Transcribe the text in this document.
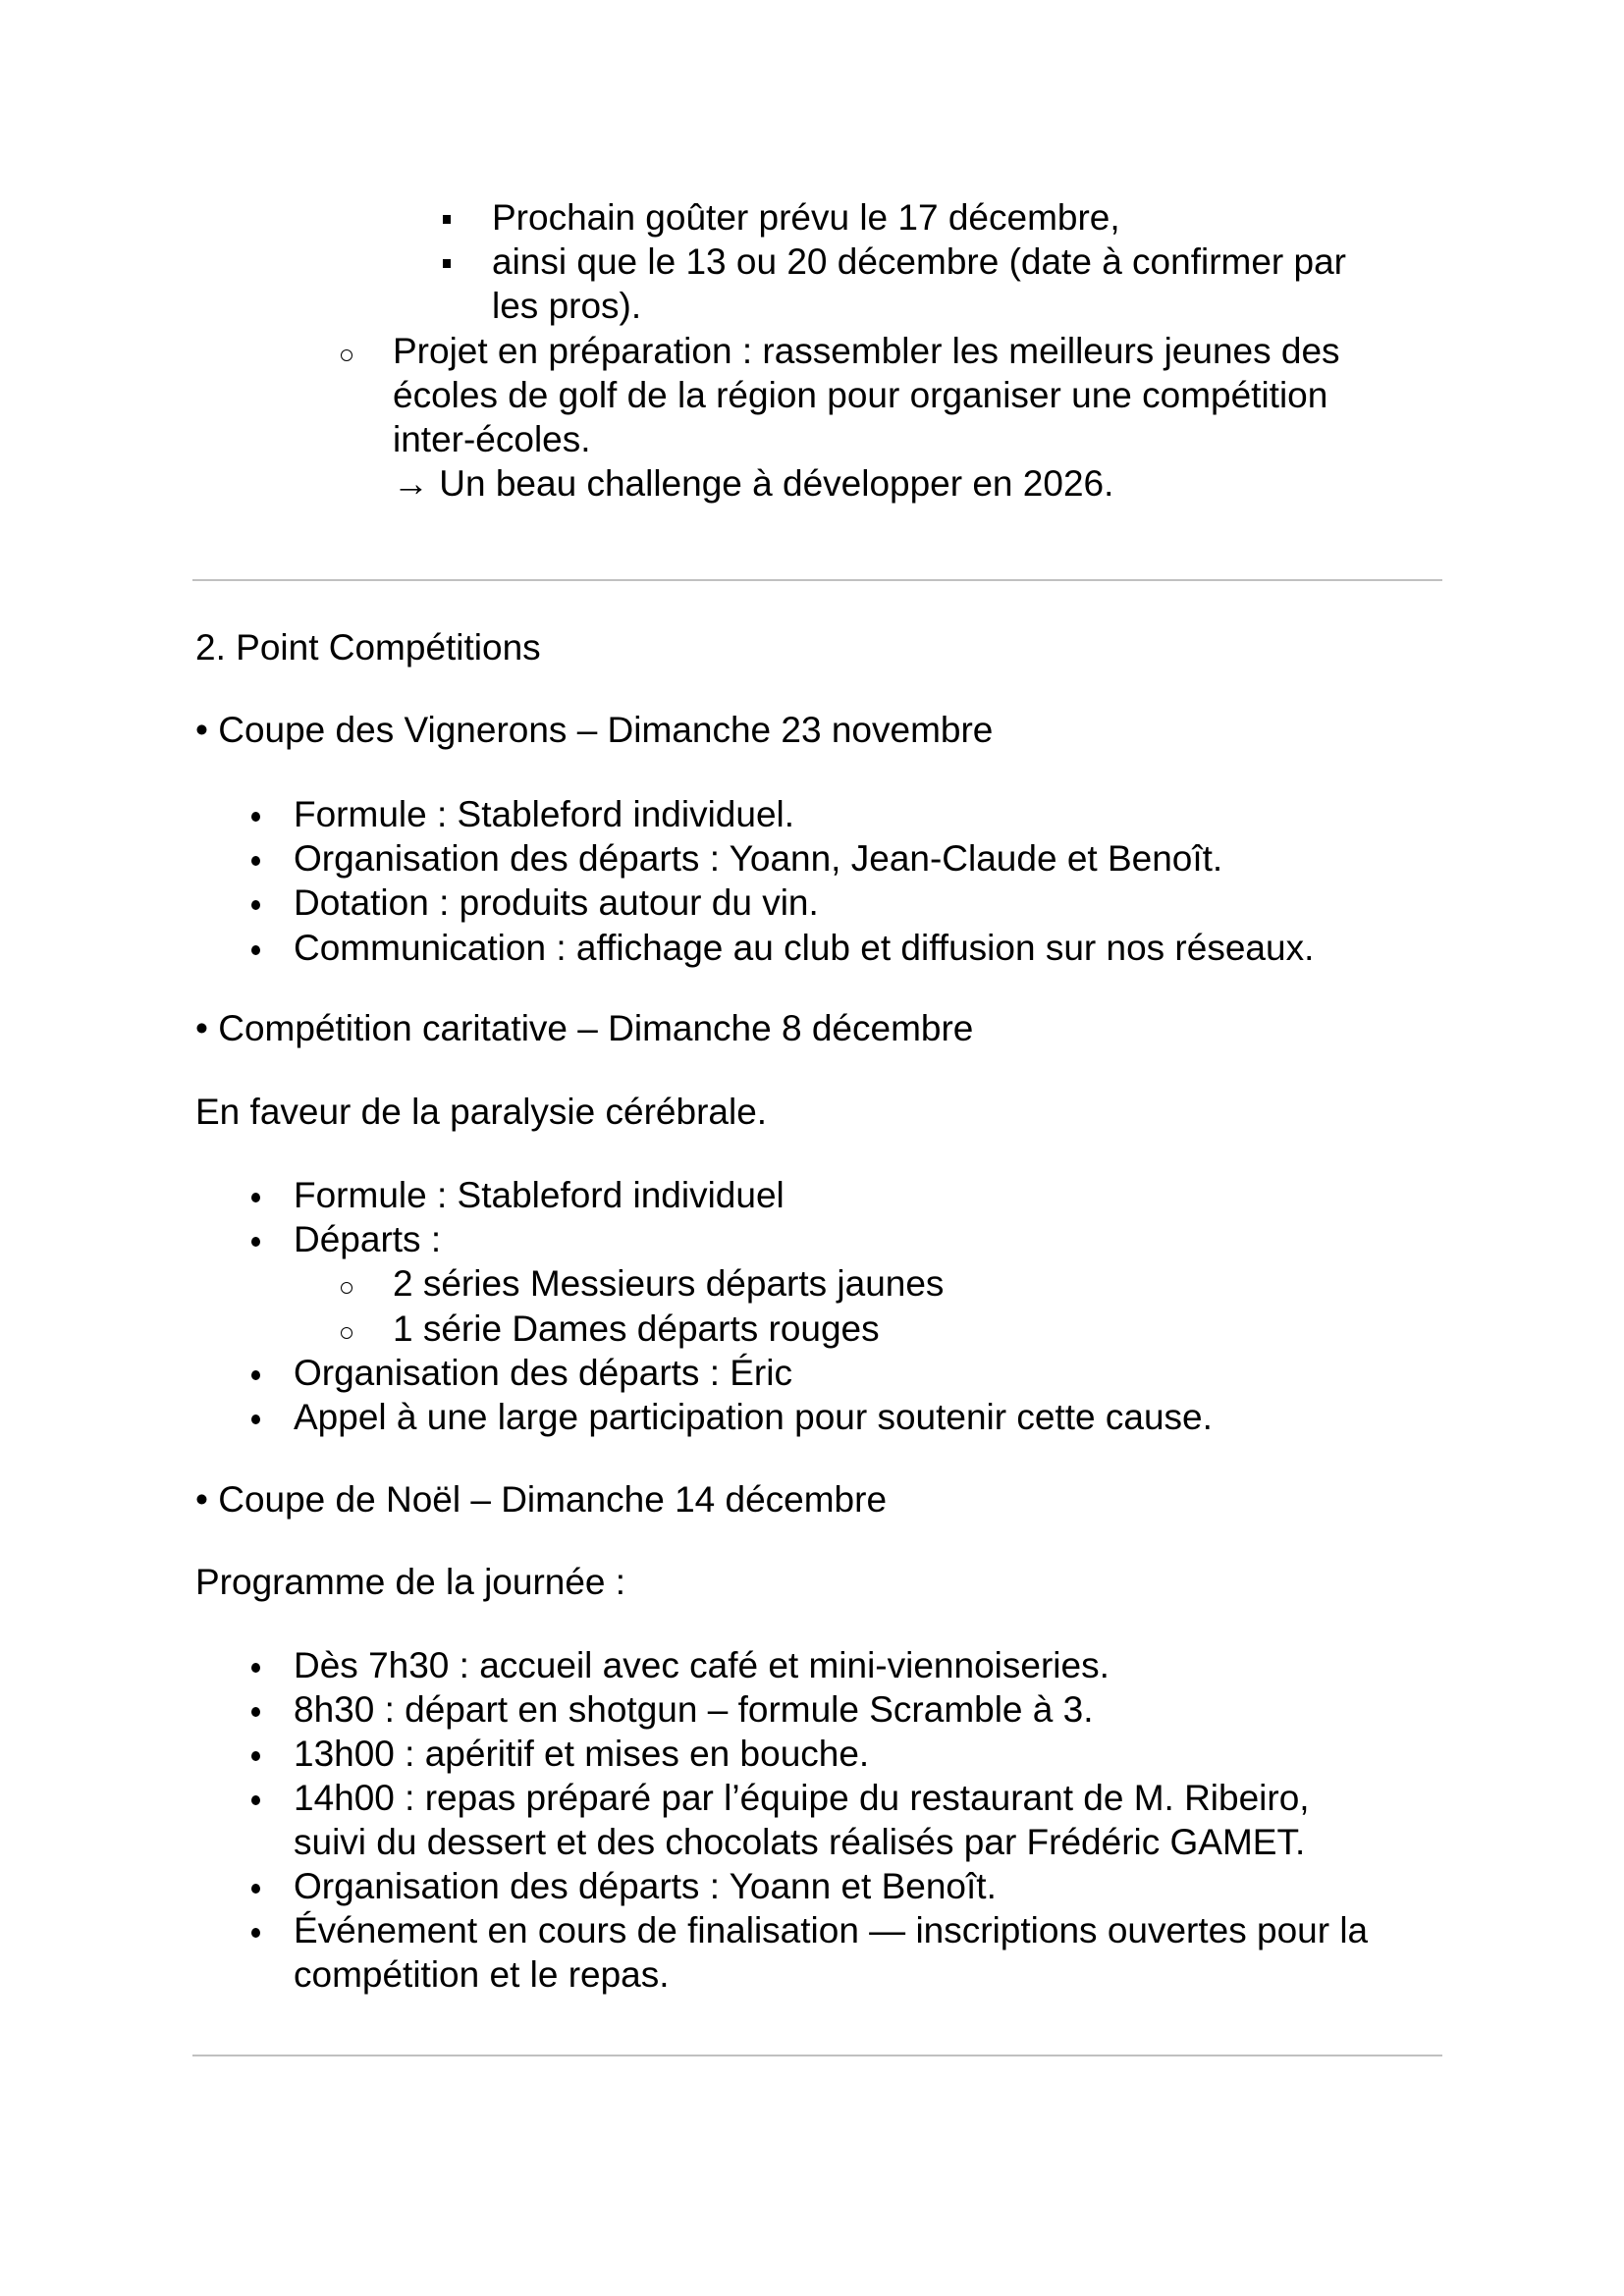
Prochain goûter prévu le 17 décembre,
ainsi que le 13 ou 20 décembre (date à confirmer par
les pros).
Projet en préparation : rassembler les meilleurs jeunes des
écoles de golf de la région pour organiser une compétition
inter-écoles.
→ Un beau challenge à développer en 2026.
2. Point Compétitions
• Coupe des Vignerons – Dimanche 23 novembre
Formule : Stableford individuel.
Organisation des départs : Yoann, Jean-Claude et Benoît.
Dotation : produits autour du vin.
Communication : affichage au club et diffusion sur nos réseaux.
• Compétition caritative – Dimanche 8 décembre
En faveur de la paralysie cérébrale.
Formule : Stableford individuel
Départs :
2 séries Messieurs départs jaunes
1 série Dames départs rouges
Organisation des départs : Éric
Appel à une large participation pour soutenir cette cause.
• Coupe de Noël – Dimanche 14 décembre
Programme de la journée :
Dès 7h30 : accueil avec café et mini-viennoiseries.
8h30 : départ en shotgun – formule Scramble à 3.
13h00 : apéritif et mises en bouche.
14h00 : repas préparé par l’équipe du restaurant de M. Ribeiro,
suivi du dessert et des chocolats réalisés par Frédéric GAMET.
Organisation des départs : Yoann et Benoît.
Événement en cours de finalisation — inscriptions ouvertes pour la
compétition et le repas.
